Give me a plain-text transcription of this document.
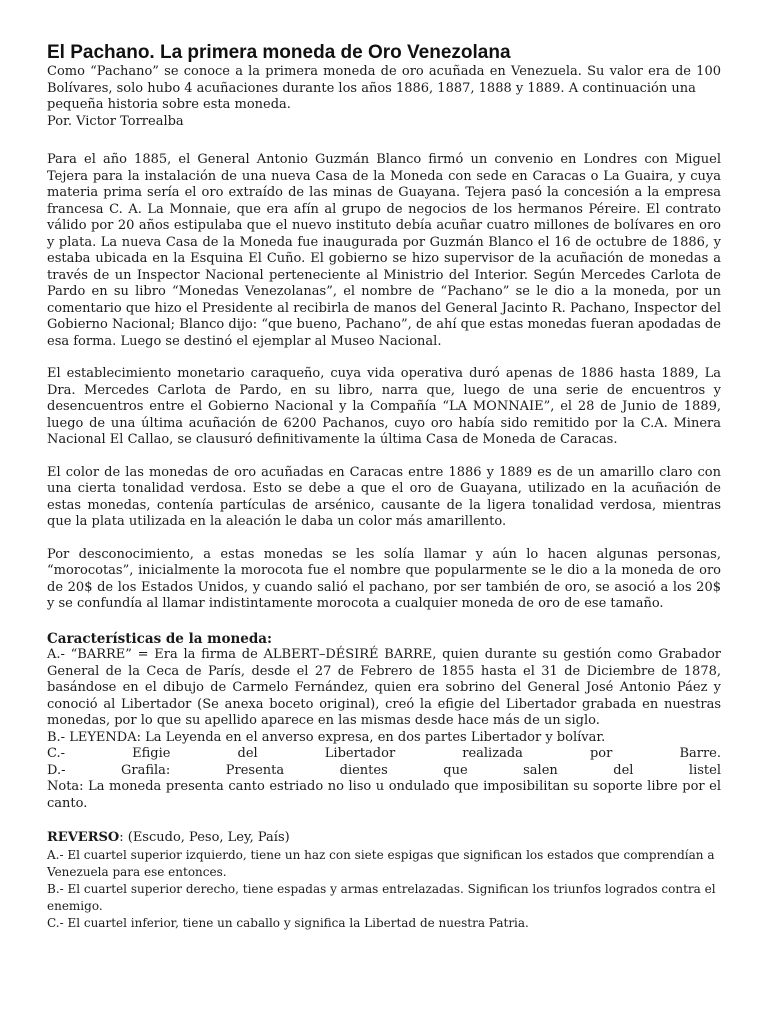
El Pachano. La primera moneda de Oro Venezolana

Como “Pachano” se conoce a la primera moneda de oro acuñada en Venezuela. Su valor era de 100 Bolívares, solo hubo 4 acuñaciones durante los años 1886, 1887, 1888 y 1889. A continuación una

pequeña historia sobre esta moneda.

Por. Victor Torrealba

Para el año 1885, el General Antonio Guzmán Blanco firmó un convenio en Londres con Miguel Tejera para la instalación de una nueva Casa de la Moneda con sede en Caracas o La Guaira, y cuya materia prima sería el oro extraído de las minas de Guayana. Tejera pasó la concesión a la empresa francesa C. A. La Monnaie, que era afín al grupo de negocios de los hermanos Péreire. El contrato válido por 20 años estipulaba que el nuevo instituto debía acuñar cuatro millones de bolívares en oro y plata. La nueva Casa de la Moneda fue inaugurada por Guzmán Blanco el 16 de octubre de 1886, y estaba ubicada en la Esquina El Cuño. El gobierno se hizo supervisor de la acuñación de monedas a través de un Inspector Nacional perteneciente al Ministrio del Interior. Según Mercedes Carlota de Pardo en su libro “Monedas Venezolanas”, el nombre de “Pachano” se le dio a la moneda, por un comentario que hizo el Presidente al recibirla de manos del General Jacinto R. Pachano, Inspector del Gobierno Nacional; Blanco dijo: “que bueno, Pachano”, de ahí que estas monedas fueran apodadas de esa forma. Luego se destinó el ejemplar al Museo Nacional.

El establecimiento monetario caraqueño, cuya vida operativa duró apenas de 1886 hasta 1889, La Dra. Mercedes Carlota de Pardo, en su libro, narra que, luego de una serie de encuentros y desencuentros entre el Gobierno Nacional y la Compañía “LA MONNAIE”, el 28 de Junio de 1889, luego de una última acuñación de 6200 Pachanos, cuyo oro había sido remitido por la C.A. Minera Nacional El Callao, se clausuró definitivamente la última Casa de Moneda de Caracas.

El color de las monedas de oro acuñadas en Caracas entre 1886 y 1889 es de un amarillo claro con una cierta tonalidad verdosa. Esto se debe a que el oro de Guayana, utilizado en la acuñación de estas monedas, contenía partículas de arsénico, causante de la ligera tonalidad verdosa, mientras que la plata utilizada en la aleación le daba un color más amarillento.

Por desconocimiento, a estas monedas se les solía llamar y aún lo hacen algunas personas, “morocotas”, inicialmente la morocota fue el nombre que popularmente se le dio a la moneda de oro de 20$ de los Estados Unidos, y cuando salió el pachano, por ser también de oro, se asoció a los 20$ y se confundía al llamar indistintamente morocota a cualquier moneda de oro de ese tamaño.

Características de la moneda:

A.- “BARRE” = Era la firma de ALBERT–DÉSIRÉ BARRE, quien durante su gestión como Grabador General de la Ceca de París, desde el 27 de Febrero de 1855 hasta el 31 de Diciembre de 1878, basándose en el dibujo de Carmelo Fernández, quien era sobrino del General José Antonio Páez y conoció al Libertador (Se anexa boceto original), creó la efigie del Libertador grabada en nuestras monedas, por lo que su apellido aparece en las mismas desde hace más de un siglo.

B.- LEYENDA: La Leyenda en el anverso expresa, en dos partes Libertador y bolívar.

C.- Efigie del Libertador realizada por Barre.

D.- Grafila: Presenta dientes que salen del listel

Nota: La moneda presenta canto estriado no liso u ondulado que imposibilitan su soporte libre por el canto.

REVERSO: (Escudo, Peso, Ley, País)

A.- El cuartel superior izquierdo, tiene un haz con siete espigas que significan los estados que comprendían a Venezuela para ese entonces.

B.- El cuartel superior derecho, tiene espadas y armas entrelazadas. Significan los triunfos logrados contra el enemigo.

C.- El cuartel inferior, tiene un caballo y significa la Libertad de nuestra Patria.
